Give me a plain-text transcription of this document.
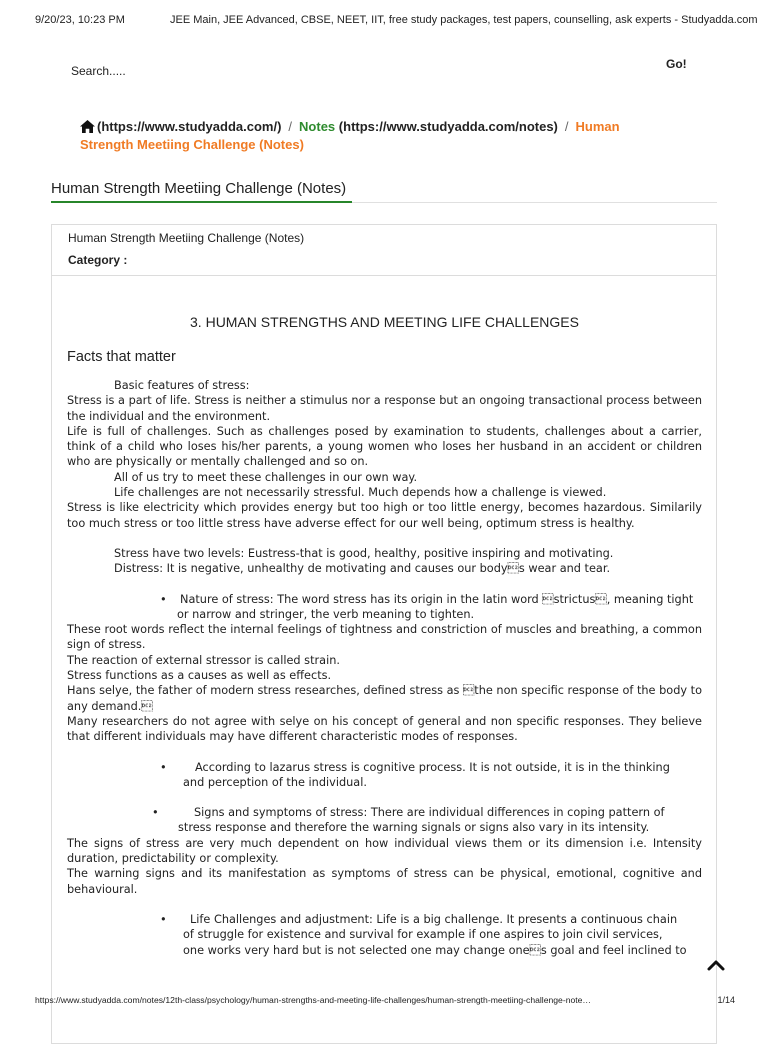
9/20/23, 10:23 PM	JEE Main, JEE Advanced, CBSE, NEET, IIT, free study packages, test papers, counselling, ask experts - Studyadda.com
Search.....
Go!
(https://www.studyadda.com/) / Notes (https://www.studyadda.com/notes) / Human Strength Meetiing Challenge (Notes)
Human Strength Meetiing Challenge (Notes)
Human Strength Meetiing Challenge (Notes)
Category :
3. HUMAN STRENGTHS AND MEETING LIFE CHALLENGES
Facts that matter

Basic features of stress:

Stress is a part of life. Stress is neither a stimulus nor a response but an ongoing transactional process between the individual and the environment.

Life is full of challenges. Such as challenges posed by examination to students, challenges about a carrier, think of a child who loses his/her parents, a young women who loses her husband in an accident or children who are physically or mentally challenged and so on.

All of us try to meet these challenges in our own way.

Life challenges are not necessarily stressful. Much depends how a challenge is viewed.

Stress is like electricity which provides energy but too high or too little energy, becomes hazardous. Similarily too much stress or too little stress have adverse effect for our well being, optimum stress is healthy.

Stress have two levels: Eustress-that is good, healthy, positive inspiring and motivating.

Distress: It is negative, unhealthy de motivating and causes our bodys wear and tear.

• Nature of stress: The word stress has its origin in the latin word strictus, meaning tight
or narrow and stringer, the verb meaning to tighten.

These root words reflect the internal feelings of tightness and constriction of muscles and breathing, a common sign of stress.

The reaction of external stressor is called strain.

Stress functions as a causes as well as effects.

Hans selye, the father of modern stress researches, defined stress as the non specific response of the body to any demand.

Many researchers do not agree with selye on his concept of general and non specific responses. They believe that different individuals may have different characteristic modes of responses.

•	According to lazarus stress is cognitive process. It is not outside, it is in the thinking
and perception of the individual.
•	Signs and symptoms of stress: There are individual differences in coping pattern of
stress response and therefore the warning signals or signs also vary in its intensity.

The signs of stress are very much dependent on how individual views them or its dimension i.e. Intensity duration, predictability or complexity.

The warning signs and its manifestation as symptoms of stress can be physical, emotional, cognitive and behavioural.

•	Life Challenges and adjustment: Life is a big challenge. It presents a continuous chain
of struggle for existence and survival for example if one aspires to join civil services,
one works very hard but is not selected one may change ones goal and feel inclined to
https://www.studyadda.com/notes/12th-class/psychology/human-strengths-and-meeting-life-challenges/human-strength-meetiing-challenge-note…	1/14
